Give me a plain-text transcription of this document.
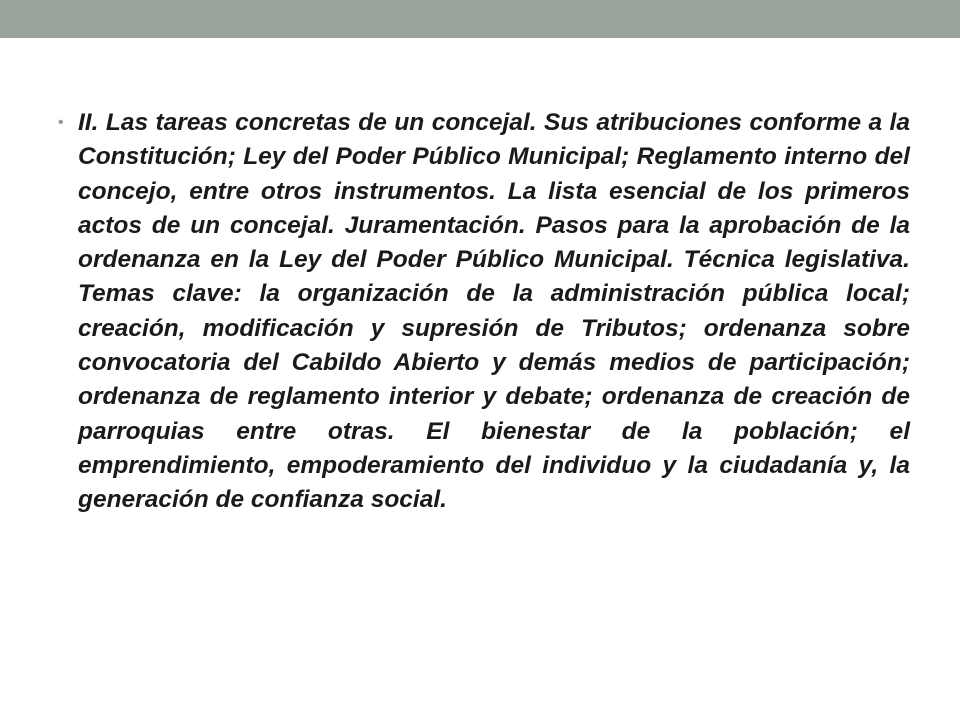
• II. Las tareas concretas de un concejal. Sus atribuciones conforme a la Constitución; Ley del Poder Público Municipal; Reglamento interno del concejo, entre otros instrumentos. La lista esencial de los primeros actos de un concejal. Juramentación. Pasos para la aprobación de la ordenanza en la Ley del Poder Público Municipal. Técnica legislativa. Temas clave: la organización de la administración pública local; creación, modificación y supresión de Tributos; ordenanza sobre convocatoria del Cabildo Abierto y demás medios de participación; ordenanza de reglamento interior y debate; ordenanza de creación de parroquias entre otras. El bienestar de la población; el emprendimiento, empoderamiento del individuo y la ciudadanía y, la generación de confianza social.
